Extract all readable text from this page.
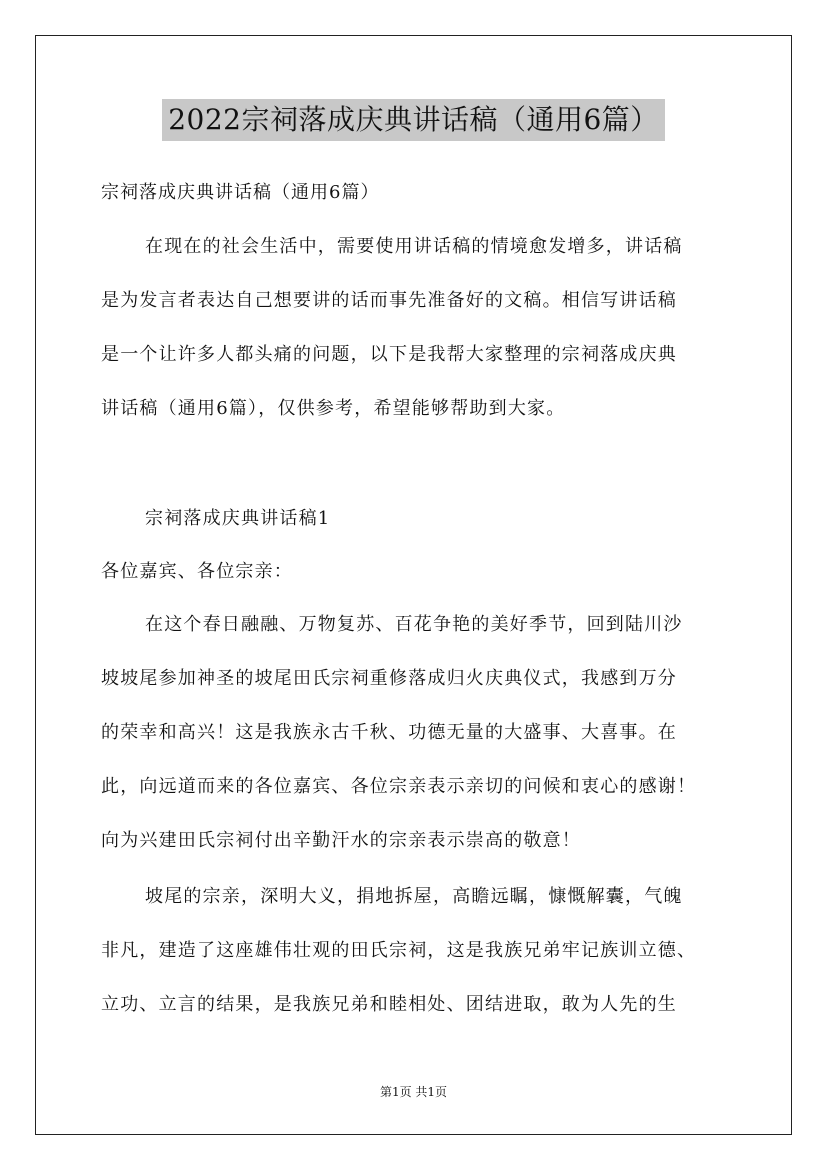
2022宗祠落成庆典讲话稿（通用6篇）
宗祠落成庆典讲话稿（通用6篇）
在现在的社会生活中，需要使用讲话稿的情境愈发增多，讲话稿
是为发言者表达自己想要讲的话而事先准备好的文稿。相信写讲话稿
是一个让许多人都头痛的问题，以下是我帮大家整理的宗祠落成庆典
讲话稿（通用6篇），仅供参考，希望能够帮助到大家。
宗祠落成庆典讲话稿1
各位嘉宾、各位宗亲：
在这个春日融融、万物复苏、百花争艳的美好季节，回到陆川沙
坡坡尾参加神圣的坡尾田氏宗祠重修落成归火庆典仪式，我感到万分
的荣幸和高兴！这是我族永古千秋、功德无量的大盛事、大喜事。在
此，向远道而来的各位嘉宾、各位宗亲表示亲切的问候和衷心的感谢！
向为兴建田氏宗祠付出辛勤汗水的宗亲表示崇高的敬意！
坡尾的宗亲，深明大义，捐地拆屋，高瞻远瞩，慷慨解囊，气魄
非凡，建造了这座雄伟壮观的田氏宗祠，这是我族兄弟牢记族训立德、
立功、立言的结果，是我族兄弟和睦相处、团结进取，敢为人先的生
第1页 共1页
